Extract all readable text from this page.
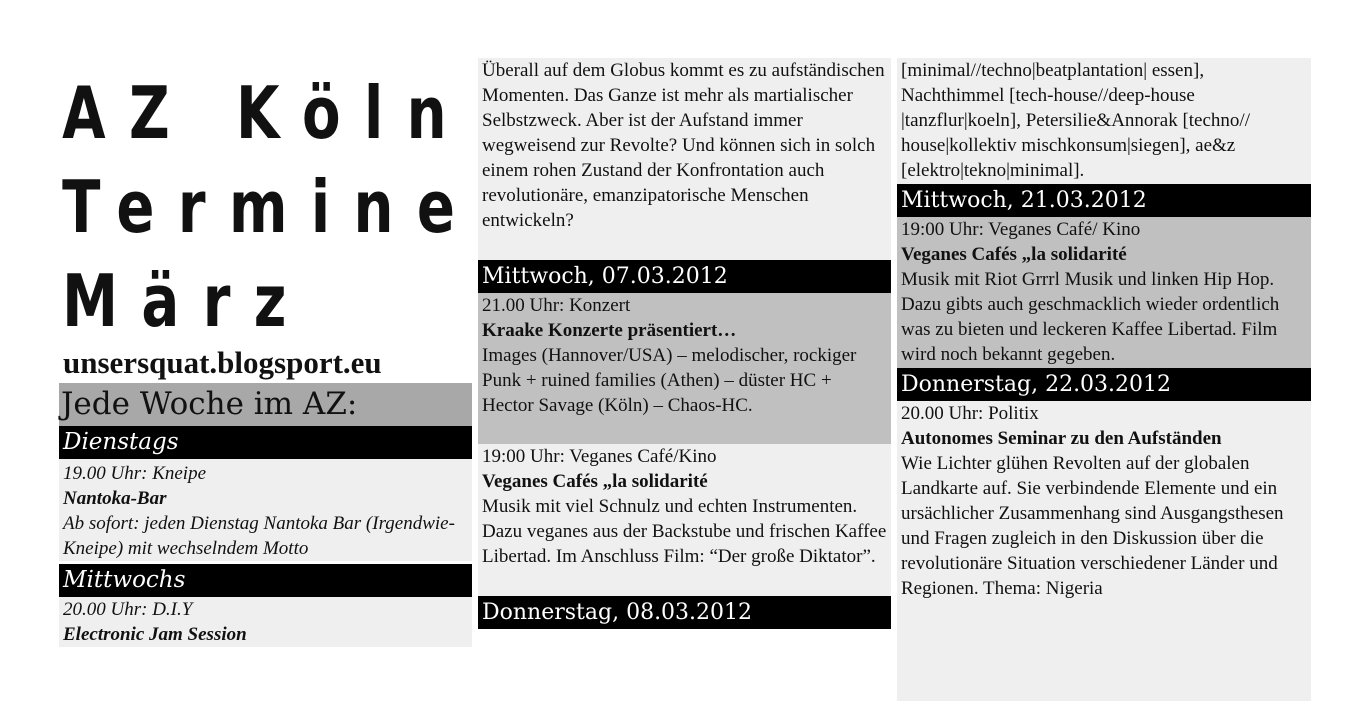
AZ Köln

Termine

März

unsersquat.blogsport.eu
Jede Woche im AZ:
Dienstags

19.00 Uhr: Kneipe

Nantoka-Bar

Ab sofort: jeden Dienstag Nantoka Bar (Irgendwie-Kneipe) mit wechselndem Motto

Mittwochs

20.00 Uhr: D.I.Y

Electronic Jam Session

Überall auf dem Globus kommt es zu aufständischen Momenten. Das Ganze ist mehr als martialischer Selbstzweck. Aber ist der Aufstand immer wegweisend zur Revolte? Und können sich in solch einem rohen Zustand der Konfrontation auch revolutionäre, emanzipatorische Menschen entwickeln?
Mittwoch, 07.03.2012

21.00 Uhr: Konzert

Kraake Konzerte präsentiert…

Images (Hannover/USA) – melodischer, rockiger Punk + ruined families (Athen) – düster HC + Hector Savage (Köln) – Chaos-HC.

19:00 Uhr: Veganes Café/Kino

Veganes Cafés „la solidarité

Musik mit viel Schnulz und echten Instrumenten. Dazu veganes aus der Backstube und frischen Kaffee Libertad. Im Anschluss Film: “Der große Diktator”.

Donnerstag, 08.03.2012
[minimal//techno|beatplantation| essen], Nachthimmel [tech-house//deep-house |tanzflur|koeln], Petersilie&Annorak [techno// house|kollektiv mischkonsum|siegen], ae&z [elektro|tekno|minimal].
Mittwoch, 21.03.2012

19:00 Uhr: Veganes Café/ Kino

Veganes Cafés „la solidarité

Musik mit Riot Grrrl Musik und linken Hip Hop. Dazu gibts auch geschmacklich wieder ordentlich was zu bieten und leckeren Kaffee Libertad. Film wird noch bekannt gegeben.

Donnerstag, 22.03.2012

20.00 Uhr: Politix

Autonomes Seminar zu den Aufständen

Wie Lichter glühen Revolten auf der globalen Landkarte auf. Sie verbindende Elemente und ein ursächlicher Zusammenhang sind Ausgangsthesen und Fragen zugleich in den Diskussion über die revolutionäre Situation verschiedener Länder und Regionen. Thema: Nigeria
